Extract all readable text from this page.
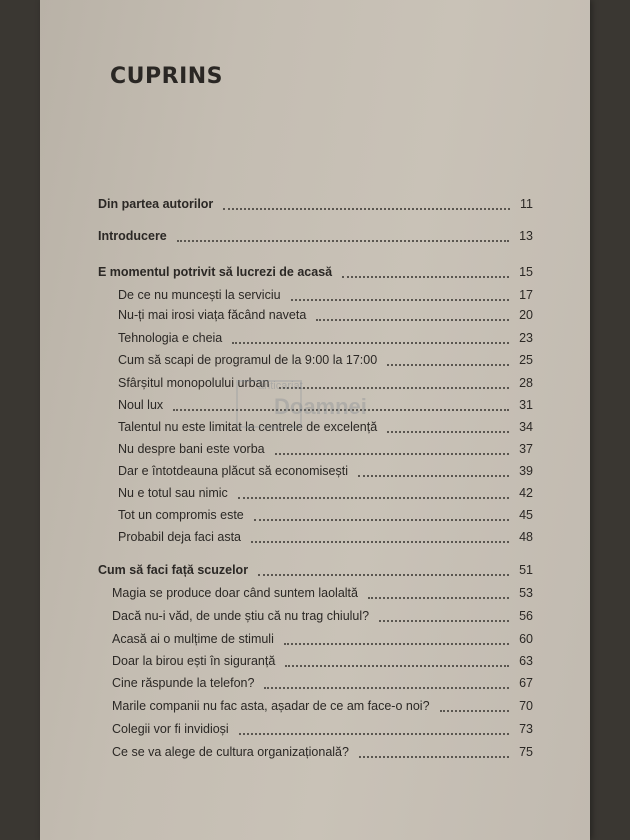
CUPRINS
Din partea autorilor	11
Introducere	13
E momentul potrivit să lucrezi de acasă	15
De ce nu muncești la serviciu	17
Nu-ți mai irosi viața făcând naveta	20
Tehnologia e cheia	23
Cum să scapi de programul de la 9:00 la 17:00	25
Sfârșitul monopolului urban	28
Noul lux	31
Talentul nu este limitat la centrele de excelență	34
Nu despre bani este vorba	37
Dar e întotdeauna plăcut să economisești	39
Nu e totul sau nimic	42
Tot un compromis este	45
Probabil deja faci asta	48
Cum să faci față scuzelor	51
Magia se produce doar când suntem laolaltă	53
Dacă nu-i văd, de unde știu că nu trag chiulul?	56
Acasă ai o mulțime de stimuli	60
Doar la birou ești în siguranță	63
Cine răspunde la telefon?	67
Marile companii nu fac asta, așadar de ce am face-o noi?	70
Colegii vor fi invidioși	73
Ce se va alege de cultura organizațională?	75
anticariat
Doamnei
